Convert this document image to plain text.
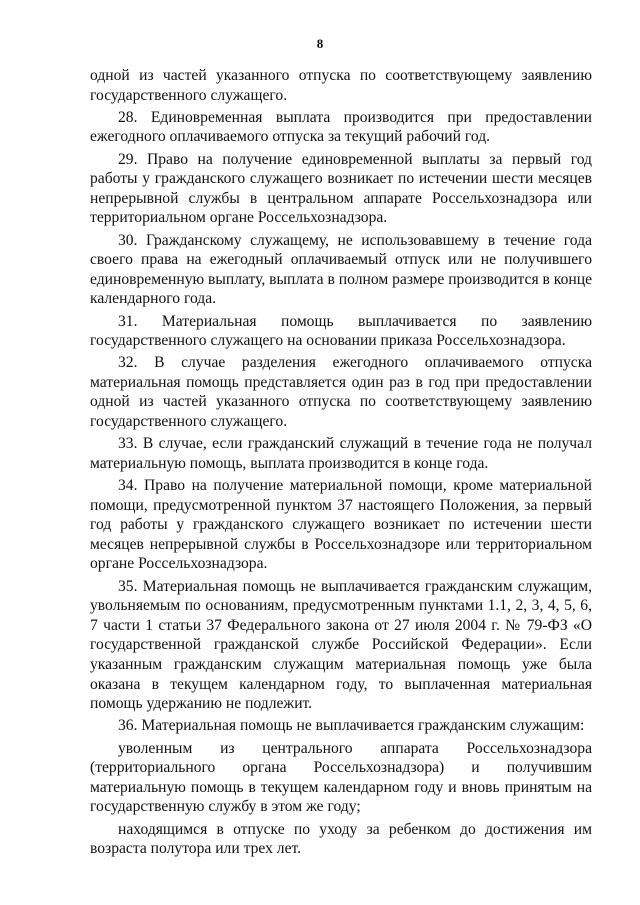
8

одной из частей указанного отпуска по соответствующему заявлению государственного служащего.

28. Единовременная выплата производится при предоставлении ежегодного оплачиваемого отпуска за текущий рабочий год.

29. Право на получение единовременной выплаты за первый год работы у гражданского служащего возникает по истечении шести месяцев непрерывной службы в центральном аппарате Россельхознадзора или территориальном органе Россельхознадзора.

30. Гражданскому служащему, не использовавшему в течение года своего права на ежегодный оплачиваемый отпуск или не получившего единовременную выплату, выплата в полном размере производится в конце календарного года.

31. Материальная помощь выплачивается по заявлению государственного служащего на основании приказа Россельхознадзора.

32. В случае разделения ежегодного оплачиваемого отпуска материальная помощь представляется один раз в год при предоставлении одной из частей указанного отпуска по соответствующему заявлению государственного служащего.

33. В случае, если гражданский служащий в течение года не получал материальную помощь, выплата производится в конце года.

34. Право на получение материальной помощи, кроме материальной помощи, предусмотренной пунктом 37 настоящего Положения, за первый год работы у гражданского служащего возникает по истечении шести месяцев непрерывной службы в Россельхознадзоре или территориальном органе Россельхознадзора.

35. Материальная помощь не выплачивается гражданским служащим, увольняемым по основаниям, предусмотренным пунктами 1.1, 2, 3, 4, 5, 6, 7 части 1 статьи 37 Федерального закона от 27 июля 2004 г. № 79-ФЗ «О государственной гражданской службе Российской Федерации». Если указанным гражданским служащим материальная помощь уже была оказана в текущем календарном году, то выплаченная материальная помощь удержанию не подлежит.

36. Материальная помощь не выплачивается гражданским служащим:

уволенным из центрального аппарата Россельхознадзора (территориального органа Россельхознадзора) и получившим материальную помощь в текущем календарном году и вновь принятым на государственную службу в этом же году;

находящимся в отпуске по уходу за ребенком до достижения им возраста полутора или трех лет.
